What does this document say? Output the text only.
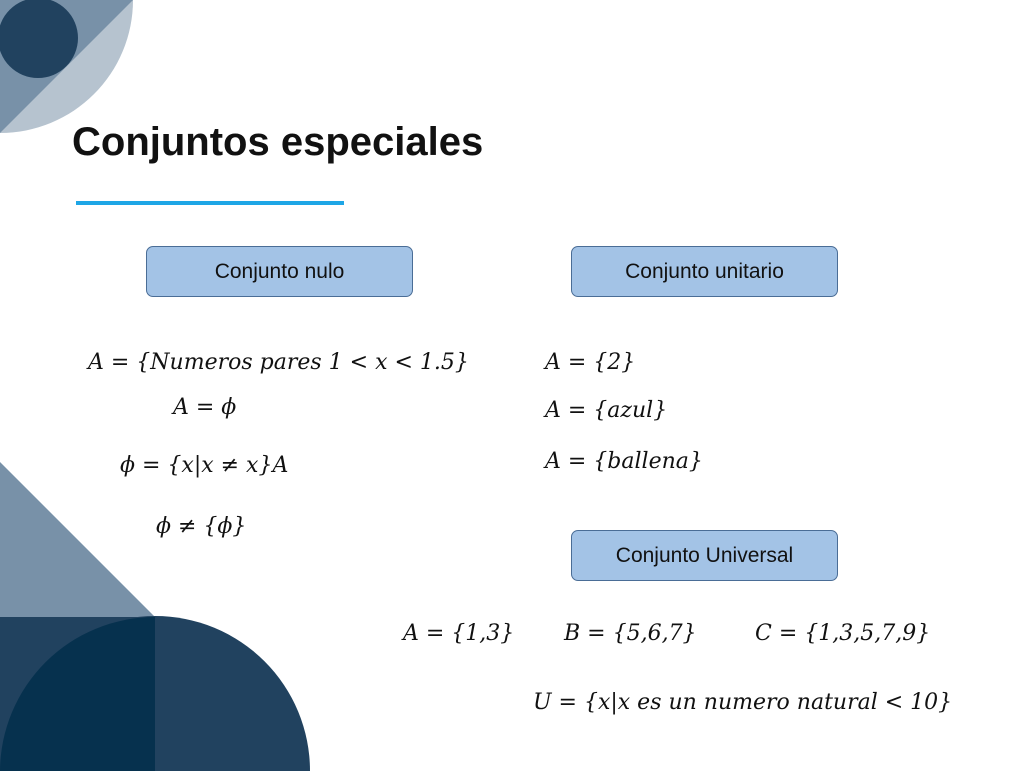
Conjuntos especiales
Conjunto nulo	Conjunto unitario
Conjunto Universal
A = {Numeros pares 1 < x < 1.5}
A = ϕ
ϕ = {x|x ≠ x}A
ϕ ≠ {ϕ}
A = {2}
A = {azul}
A = {ballena}
A = {1,3} B = {5,6,7}	C = {1,3,5,7,9}
U = {x|x es un numero natural < 10}
